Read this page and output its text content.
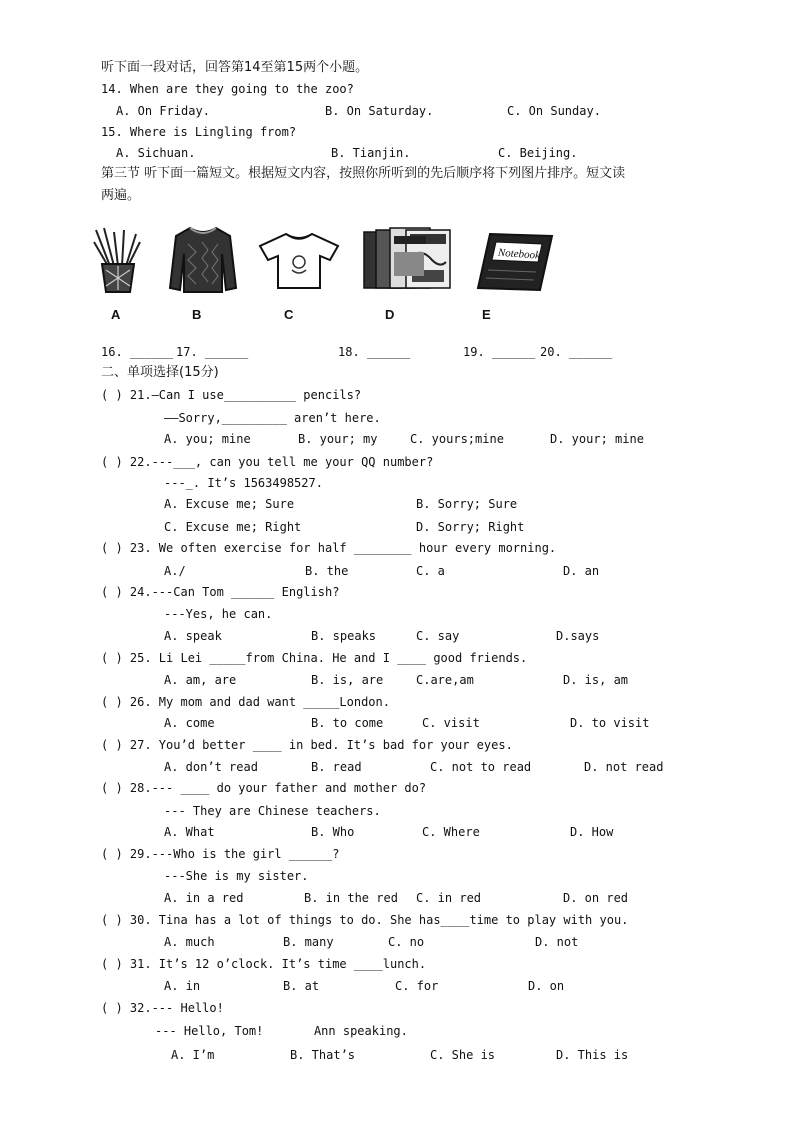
听下面一段对话，回答第14至第15两个小题。
14. When are they going to the zoo?
A. On Friday.	B. On Saturday.	C. On Sunday.
15. Where is Lingling from?
A. Sichuan.	B. Tianjin.	C. Beijing.
第三节 听下面一篇短文。根据短文内容，按照你所听到的先后顺序将下列图片排序。短文读
两遍。
A	B	C	D
Notebook
E
16. ______ 17. ______	18. ______	19. ______ 20. ______
二、单项选择(15分)
( ) 21.—Can I use__________ pencils?
——Sorry,_________ aren’t here.
A. you; mine	B. your; my	C. yours;mine	D. your; mine
( ) 22.---___, can you tell me your QQ number?
---_. It’s 1563498527.
A. Excuse me; Sure	B. Sorry; Sure
C. Excuse me; Right	D. Sorry; Right
( ) 23. We often exercise for half ________ hour every morning.
A./	B. the	C. a	D. an
( ) 24.---Can Tom ______ English?
---Yes, he can.
A. speak	B. speaks	C. say	D.says
( ) 25. Li Lei _____from China. He and I ____ good friends.
A. am, are	B. is, are	C.are,am	D. is, am
( ) 26. My mom and dad want _____London.
A. come	B. to come	C. visit	D. to visit
( ) 27. You’d better ____ in bed. It’s bad for your eyes.
A. don’t read	B. read	C. not to read	D. not read
( ) 28.--- ____ do your father and mother do?
--- They are Chinese teachers.
A. What	B. Who	C. Where	D. How
( ) 29.---Who is the girl ______?
---She is my sister.
A. in a red	B. in the red C. in red	D. on red
( ) 30. Tina has a lot of things to do. She has____time to play with you.
A. much	B. many	C. no	D. not
( ) 31. It’s 12 o’clock. It’s time ____lunch.
A. in	B. at	C. for	D. on
( ) 32.--- Hello!
--- Hello, Tom!       Ann speaking.
A. I’m	B. That’s	C. She is	D. This is
